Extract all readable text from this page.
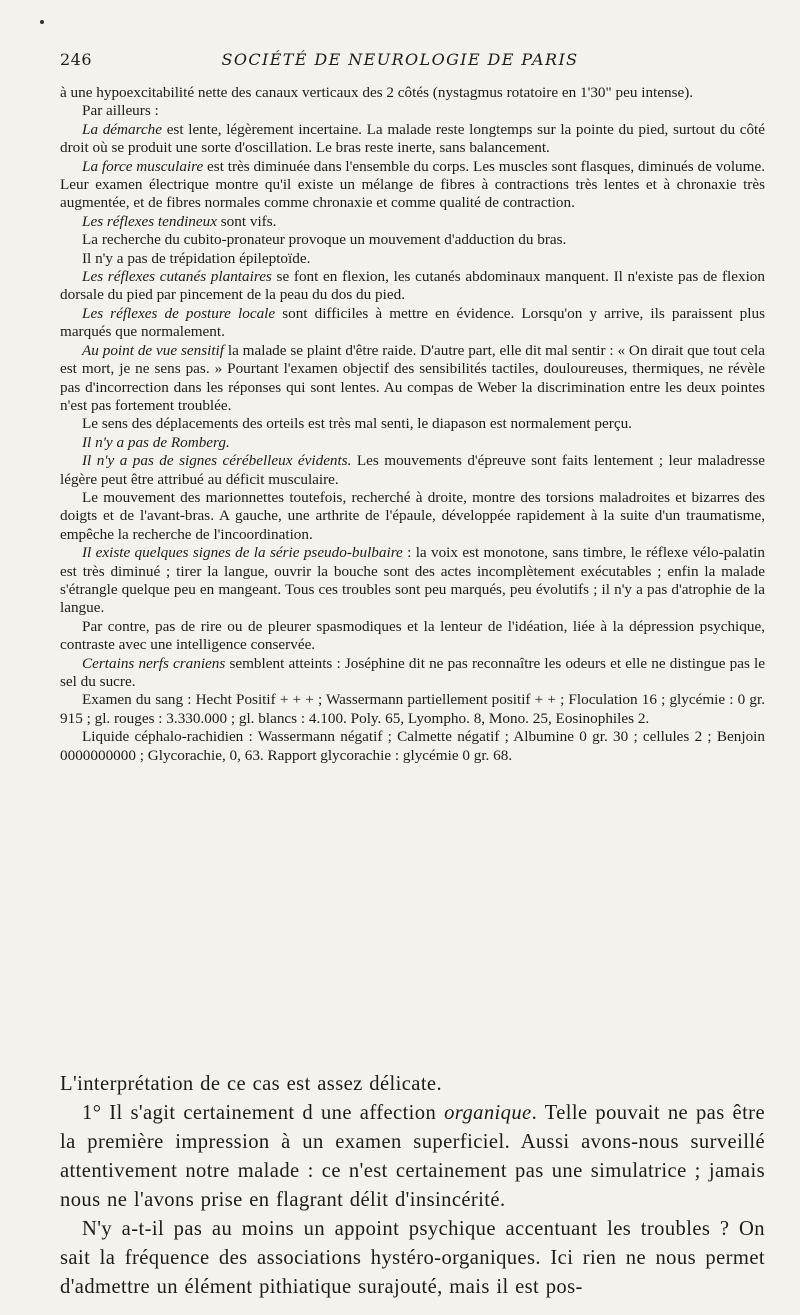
246	SOCIÉTÉ DE NEUROLOGIE DE PARIS

à une hypoexcitabilité nette des canaux verticaux des 2 côtés (nystagmus rotatoire en 1'30" peu intense).

Par ailleurs :

La démarche est lente, légèrement incertaine. La malade reste longtemps sur la pointe du pied, surtout du côté droit où se produit une sorte d'oscillation. Le bras reste inerte, sans balancement.

La force musculaire est très diminuée dans l'ensemble du corps. Les muscles sont flasques, diminués de volume. Leur examen électrique montre qu'il existe un mélange de fibres à contractions très lentes et à chronaxie très augmentée, et de fibres normales comme chronaxie et comme qualité de contraction.

Les réflexes tendineux sont vifs.

La recherche du cubito-pronateur provoque un mouvement d'adduction du bras.

Il n'y a pas de trépidation épileptoïde.

Les réflexes cutanés plantaires se font en flexion, les cutanés abdominaux manquent. Il n'existe pas de flexion dorsale du pied par pincement de la peau du dos du pied.

Les réflexes de posture locale sont difficiles à mettre en évidence. Lorsqu'on y arrive, ils paraissent plus marqués que normalement.

Au point de vue sensitif la malade se plaint d'être raide. D'autre part, elle dit mal sentir : « On dirait que tout cela est mort, je ne sens pas. » Pourtant l'examen objectif des sensibilités tactiles, douloureuses, thermiques, ne révèle pas d'incorrection dans les réponses qui sont lentes. Au compas de Weber la discrimination entre les deux pointes n'est pas fortement troublée.

Le sens des déplacements des orteils est très mal senti, le diapason est normalement perçu.

Il n'y a pas de Romberg.

Il n'y a pas de signes cérébelleux évidents. Les mouvements d'épreuve sont faits lentement ; leur maladresse légère peut être attribué au déficit musculaire.

Le mouvement des marionnettes toutefois, recherché à droite, montre des torsions maladroites et bizarres des doigts et de l'avant-bras. A gauche, une arthrite de l'épaule, développée rapidement à la suite d'un traumatisme, empêche la recherche de l'incoordination.

Il existe quelques signes de la série pseudo-bulbaire : la voix est monotone, sans timbre, le réflexe vélo-palatin est très diminué ; tirer la langue, ouvrir la bouche sont des actes incomplètement exécutables ; enfin la malade s'étrangle quelque peu en mangeant. Tous ces troubles sont peu marqués, peu évolutifs ; il n'y a pas d'atrophie de la langue.

Par contre, pas de rire ou de pleurer spasmodiques et la lenteur de l'idéation, liée à la dépression psychique, contraste avec une intelligence conservée.

Certains nerfs craniens semblent atteints : Joséphine dit ne pas reconnaître les odeurs et elle ne distingue pas le sel du sucre.

Examen du sang : Hecht Positif + + + ; Wassermann partiellement positif + + ; Floculation 16 ; glycémie : 0 gr. 915 ; gl. rouges : 3.330.000 ; gl. blancs : 4.100. Poly. 65, Lyompho. 8, Mono. 25, Eosinophiles 2.

Liquide céphalo-rachidien : Wassermann négatif ; Calmette négatif ; Albumine 0 gr. 30 ; cellules 2 ; Benjoin 0000000000 ; Glycorachie, 0, 63. Rapport glycorachie : glycémie 0 gr. 68.

L'interprétation de ce cas est assez délicate.

1° Il s'agit certainement d une affection organique. Telle pouvait ne pas être la première impression à un examen superficiel. Aussi avons-nous surveillé attentivement notre malade : ce n'est certainement pas une simulatrice ; jamais nous ne l'avons prise en flagrant délit d'insincérité.

N'y a-t-il pas au moins un appoint psychique accentuant les troubles ? On sait la fréquence des associations hystéro-organiques. Ici rien ne nous permet d'admettre un élément pithiatique surajouté, mais il est pos-
